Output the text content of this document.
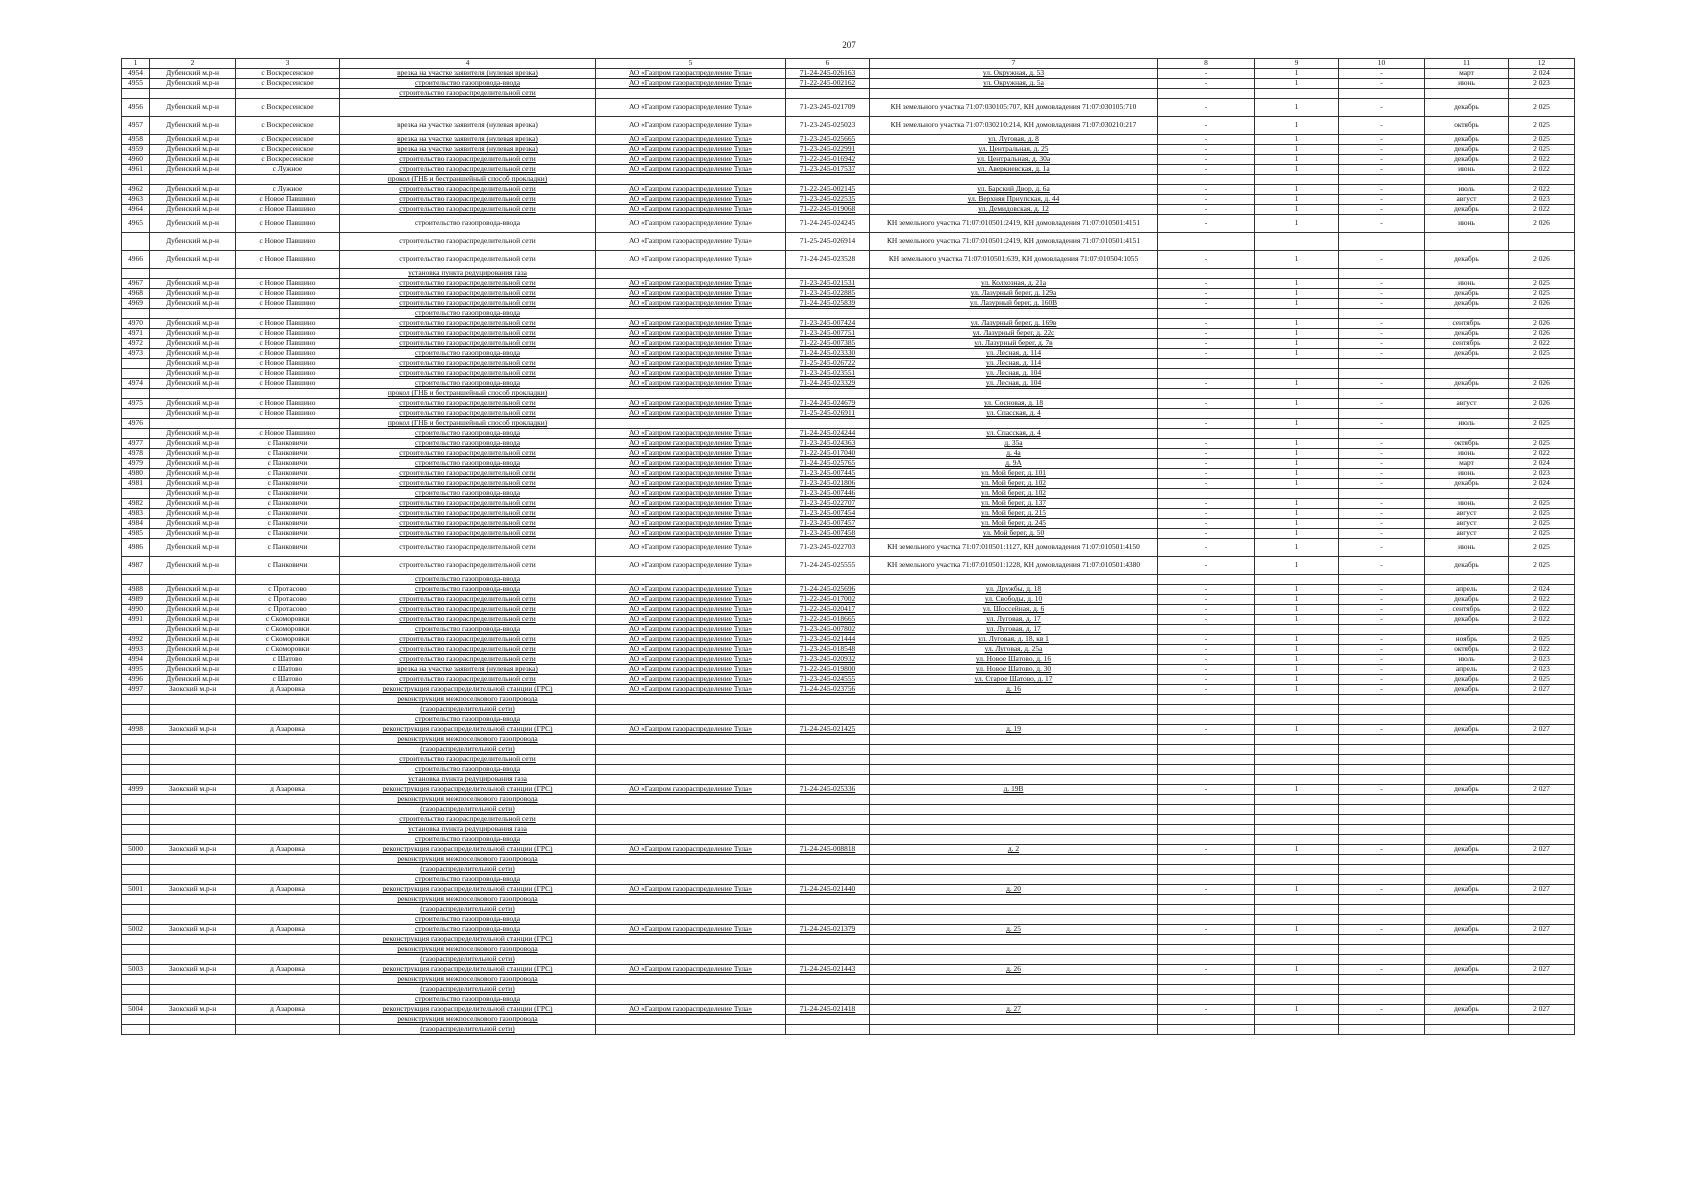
207
1	2	3	4	5	6	7	8	9	10	11	12
4954	Дубенский м.р-н	с Воскресенское	врезка на участке заявителя (нулевая врезка)	АО «Газпром газораспределение Тула»	71-24-245-026163	ул. Окружная, д. 53	-	1	-	март	2 024
4955	Дубенский м.р-н	с Воскресенское	строительство газопровода-ввода	АО «Газпром газораспределение Тула»	71-22-245-002162	ул. Окружная, д. 5а	-	1	-	июнь	2 023
			строительство газораспределительной сети								
4956	Дубенский м.р-н	с Воскресенское		АО «Газпром газораспределение Тула»	71-23-245-021709	КН земельного участка 71:07:030105:707, КН домовладения 71:07:030105:710	-	1	-	декабрь	2 025
4957	Дубенский м.р-н	с Воскресенское	врезка на участке заявителя (нулевая врезка)	АО «Газпром газораспределение Тула»	71-23-245-025023	КН земельного участка 71:07:030210:214, КН домовладения 71:07:030210:217	-	1	-	октябрь	2 025
4958	Дубенский м.р-н	с Воскресенское	врезка на участке заявителя (нулевая врезка)	АО «Газпром газораспределение Тула»	71-23-245-025665	ул. Луговая, д. 8	-	1	-	декабрь	2 025
4959	Дубенский м.р-н	с Воскресенское	врезка на участке заявителя (нулевая врезка)	АО «Газпром газораспределение Тула»	71-23-245-022991	ул. Центральная, д. 25	-	1	-	декабрь	2 025
4960	Дубенский м.р-н	с Воскресенское	строительство газораспределительной сети	АО «Газпром газораспределение Тула»	71-22-245-016942	ул. Центральная, д. 30а	-	1	-	декабрь	2 022
4961	Дубенский м.р-н	с Лужное	строительство газораспределительной сети	АО «Газпром газораспределение Тула»	71-23-245-017537	ул. Аверкиевская, д. 1а	-	1	-	июнь	2 022
			прокол (ГНБ и бестраншейный способ прокладки)								
4962	Дубенский м.р-н	с Лужное	строительство газораспределительной сети	АО «Газпром газораспределение Тула»	71-22-245-002145	ул. Барский Двор, д. 6а	-	1	-	июль	2 022
4963	Дубенский м.р-н	с Новое Павшино	строительство газораспределительной сети	АО «Газпром газораспределение Тула»	71-23-245-022535	ул. Верхняя Приупская, д. 44	-	1	-	август	2 023
4964	Дубенский м.р-н	с Новое Павшино	строительство газораспределительной сети	АО «Газпром газораспределение Тула»	71-22-245-019068	ул. Демидовская, д. 12	-	1	-	декабрь	2 022
4965	Дубенский м.р-н	с Новое Павшино	строительство газопровода-ввода	АО «Газпром газораспределение Тула»	71-24-245-024245	КН земельного участка 71:07:010501:2419, КН домовладения 71:07:010501:4151	-	1	-	июнь	2 026
	Дубенский м.р-н	с Новое Павшино	строительство газораспределительной сети	АО «Газпром газораспределение Тула»	71-25-245-026914	КН земельного участка 71:07:010501:2419, КН домовладения 71:07:010501:4151					
4966	Дубенский м.р-н	с Новое Павшино	строительство газораспределительной сети	АО «Газпром газораспределение Тула»	71-24-245-023528	КН земельного участка 71:07:010501:639, КН домовладения 71:07:010504:1055	-	1	-	декабрь	2 026
			установка пункта редуцирования газа								
4967	Дубенский м.р-н	с Новое Павшино	строительство газораспределительной сети	АО «Газпром газораспределение Тула»	71-23-245-021531	ул. Колхозная, д. 21а	-	1	-	июнь	2 025
4968	Дубенский м.р-н	с Новое Павшино	строительство газораспределительной сети	АО «Газпром газораспределение Тула»	71-23-245-022885	ул. Лазурный берег, д. 129а	-	1	-	декабрь	2 025
4969	Дубенский м.р-н	с Новое Павшино	строительство газораспределительной сети	АО «Газпром газораспределение Тула»	71-24-245-025839	ул. Лазурный берег, д. 160В	-	1	-	декабрь	2 026
			строительство газопровода-ввода								
4970	Дубенский м.р-н	с Новое Павшино	строительство газораспределительной сети	АО «Газпром газораспределение Тула»	71-23-245-007424	ул. Лазурный берег, д. 169в	-	1	-	сентябрь	2 026
4971	Дубенский м.р-н	с Новое Павшино	строительство газораспределительной сети	АО «Газпром газораспределение Тула»	71-23-245-007751	ул. Лазурный берег, д. 22с	-	1	-	декабрь	2 026
4972	Дубенский м.р-н	с Новое Павшино	строительство газораспределительной сети	АО «Газпром газораспределение Тула»	71-22-245-007385	ул. Лазурный берег, д. 7в	-	1	-	сентябрь	2 022
4973	Дубенский м.р-н	с Новое Павшино	строительство газопровода-ввода	АО «Газпром газораспределение Тула»	71-24-245-023330	ул. Лесная, д. 114	-	1	-	декабрь	2 025
	Дубенский м.р-н	с Новое Павшино	строительство газораспределительной сети	АО «Газпром газораспределение Тула»	71-25-245-026722	ул. Лесная, д. 114					
	Дубенский м.р-н	с Новое Павшино	строительство газораспределительной сети	АО «Газпром газораспределение Тула»	71-23-245-023551	ул. Лесная, д. 104					
4974	Дубенский м.р-н	с Новое Павшино	строительство газопровода-ввода	АО «Газпром газораспределение Тула»	71-24-245-023329	ул. Лесная, д. 104	-	1	-	декабрь	2 026
			прокол (ГНБ и бестраншейный способ прокладки)								
4975	Дубенский м.р-н	с Новое Павшино	строительство газораспределительной сети	АО «Газпром газораспределение Тула»	71-24-245-024679	ул. Сосновая, д. 18	-	1	-	август	2 026
	Дубенский м.р-н	с Новое Павшино	строительство газораспределительной сети	АО «Газпром газораспределение Тула»	71-25-245-026911	ул. Спасская, д. 4					
4976			прокол (ГНБ и бестраншейный способ прокладки)				-	1	-	июль	2 025
	Дубенский м.р-н	с Новое Павшино	строительство газопровода-ввода	АО «Газпром газораспределение Тула»	71-24-245-024244	ул. Спасская, д. 4					
4977	Дубенский м.р-н	с Панковичи	строительство газопровода-ввода	АО «Газпром газораспределение Тула»	71-23-245-024363	д. 35а	-	1	-	октябрь	2 025
4978	Дубенский м.р-н	с Панковичи	строительство газораспределительной сети	АО «Газпром газораспределение Тула»	71-22-245-017040	д. 4а	-	1	-	июнь	2 022
4979	Дубенский м.р-н	с Панковичи	строительство газопровода-ввода	АО «Газпром газораспределение Тула»	71-24-245-025765	д. 9А	-	1	-	март	2 024
4980	Дубенский м.р-н	с Панковичи	строительство газораспределительной сети	АО «Газпром газораспределение Тула»	71-23-245-007445	ул. Мой берег, д. 101	-	1	-	июнь	2 023
4981	Дубенский м.р-н	с Панковичи	строительство газораспределительной сети	АО «Газпром газораспределение Тула»	71-23-245-021806	ул. Мой берег, д. 102	-	1	-	декабрь	2 024
	Дубенский м.р-н	с Панковичи	строительство газопровода-ввода	АО «Газпром газораспределение Тула»	71-23-245-007446	ул. Мой берег, д. 102					
4982	Дубенский м.р-н	с Панковичи	строительство газораспределительной сети	АО «Газпром газораспределение Тула»	71-23-245-022707	ул. Мой берег, д. 137	-	1	-	июнь	2 025
4983	Дубенский м.р-н	с Панковичи	строительство газораспределительной сети	АО «Газпром газораспределение Тула»	71-23-245-007454	ул. Мой берег, д. 215	-	1	-	август	2 025
4984	Дубенский м.р-н	с Панковичи	строительство газораспределительной сети	АО «Газпром газораспределение Тула»	71-23-245-007457	ул. Мой берег, д. 245	-	1	-	август	2 025
4985	Дубенский м.р-н	с Панковичи	строительство газораспределительной сети	АО «Газпром газораспределение Тула»	71-23-245-007458	ул. Мой берег, д. 50	-	1	-	август	2 025
4986	Дубенский м.р-н	с Панковичи	строительство газораспределительной сети	АО «Газпром газораспределение Тула»	71-23-245-022703	КН земельного участка 71:07:010501:1127, КН домовладения 71:07:010501:4150	-	1	-	июнь	2 025
4987	Дубенский м.р-н	с Панковичи	строительство газораспределительной сети	АО «Газпром газораспределение Тула»	71-24-245-025555	КН земельного участка 71:07:010501:1228, КН домовладения 71:07:010501:4380	-	1	-	декабрь	2 025
			строительство газопровода-ввода								
4988	Дубенский м.р-н	с Протасово	строительство газопровода-ввода	АО «Газпром газораспределение Тула»	71-24-245-025696	ул. Дружбы, д. 18	-	1	-	апрель	2 024
4989	Дубенский м.р-н	с Протасово	строительство газораспределительной сети	АО «Газпром газораспределение Тула»	71-22-245-017002	ул. Свободы, д. 10	-	1	-	декабрь	2 022
4990	Дубенский м.р-н	с Протасово	строительство газораспределительной сети	АО «Газпром газораспределение Тула»	71-22-245-020417	ул. Шоссейная, д. 6	-	1	-	сентябрь	2 022
4991	Дубенский м.р-н	с Скоморовки	строительство газораспределительной сети	АО «Газпром газораспределение Тула»	71-22-245-018665	ул. Луговая, д. 17	-	1	-	декабрь	2 022
	Дубенский м.р-н	с Скоморовки	строительство газопровода-ввода	АО «Газпром газораспределение Тула»	71-23-245-007802	ул. Луговая, д. 17					
4992	Дубенский м.р-н	с Скоморовки	строительство газораспределительной сети	АО «Газпром газораспределение Тула»	71-23-245-021444	ул. Луговая, д. 18, кв 1	-	1	-	ноябрь	2 025
4993	Дубенский м.р-н	с Скоморовки	строительство газораспределительной сети	АО «Газпром газораспределение Тула»	71-23-245-018548	ул. Луговая, д. 25а	-	1	-	октябрь	2 022
4994	Дубенский м.р-н	с Шатово	строительство газораспределительной сети	АО «Газпром газораспределение Тула»	71-23-245-020932	ул. Новое Шатово, д. 16	-	1	-	июль	2 023
4995	Дубенский м.р-н	с Шатово	врезка на участке заявителя (нулевая врезка)	АО «Газпром газораспределение Тула»	71-22-245-019800	ул. Новое Шатово, д. 30	-	1	-	апрель	2 023
4996	Дубенский м.р-н	с Шатово	строительство газораспределительной сети	АО «Газпром газораспределение Тула»	71-23-245-024555	ул. Старое Шатово, д. 17	-	1	-	декабрь	2 025
4997	Заокский м.р-н	д Азаровка	реконструкция газораспределительной станции (ГРС)	АО «Газпром газораспределение Тула»	71-24-245-023756	д. 16	-	1	-	декабрь	2 027
			реконструкция межпоселкового газопровода								
			(газораспределительной сети)								
			строительство газопровода-ввода								
4998	Заокский м.р-н	д Азаровка	реконструкция газораспределительной станции (ГРС)	АО «Газпром газораспределение Тула»	71-24-245-021425	д. 19	-	1	-	декабрь	2 027
			реконструкция межпоселкового газопровода								
			(газораспределительной сети)								
			строительство газораспределительной сети								
			строительство газопровода-ввода								
			установка пункта редуцирования газа								
4999	Заокский м.р-н	д Азаровка	реконструкция газораспределительной станции (ГРС)	АО «Газпром газораспределение Тула»	71-24-245-025336	д. 19В	-	1	-	декабрь	2 027
			реконструкция межпоселкового газопровода								
			(газораспределительной сети)								
			строительство газораспределительной сети								
			установка пункта редуцирования газа								
			строительство газопровода-ввода								
5000	Заокский м.р-н	д Азаровка	реконструкция газораспределительной станции (ГРС)	АО «Газпром газораспределение Тула»	71-24-245-008818	д. 2	-	1	-	декабрь	2 027
			реконструкция межпоселкового газопровода								
			(газораспределительной сети)								
			строительство газопровода-ввода								
5001	Заокский м.р-н	д Азаровка	реконструкция газораспределительной станции (ГРС)	АО «Газпром газораспределение Тула»	71-24-245-021440	д. 20	-	1	-	декабрь	2 027
			реконструкция межпоселкового газопровода								
			(газораспределительной сети)								
			строительство газопровода-ввода								
5002	Заокский м.р-н	д Азаровка	строительство газопровода-ввода	АО «Газпром газораспределение Тула»	71-24-245-021379	д. 25	-	1	-	декабрь	2 027
			реконструкция газораспределительной станции (ГРС)								
			реконструкция межпоселкового газопровода								
			(газораспределительной сети)								
5003	Заокский м.р-н	д Азаровка	реконструкция газораспределительной станции (ГРС)	АО «Газпром газораспределение Тула»	71-24-245-021443	д. 26	-	1	-	декабрь	2 027
			реконструкция межпоселкового газопровода								
			(газораспределительной сети)								
			строительство газопровода-ввода								
5004	Заокский м.р-н	д Азаровка	реконструкция газораспределительной станции (ГРС)	АО «Газпром газораспределение Тула»	71-24-245-021418	д. 27	-	1	-	декабрь	2 027
			реконструкция межпоселкового газопровода								
			(газораспределительной сети)								
